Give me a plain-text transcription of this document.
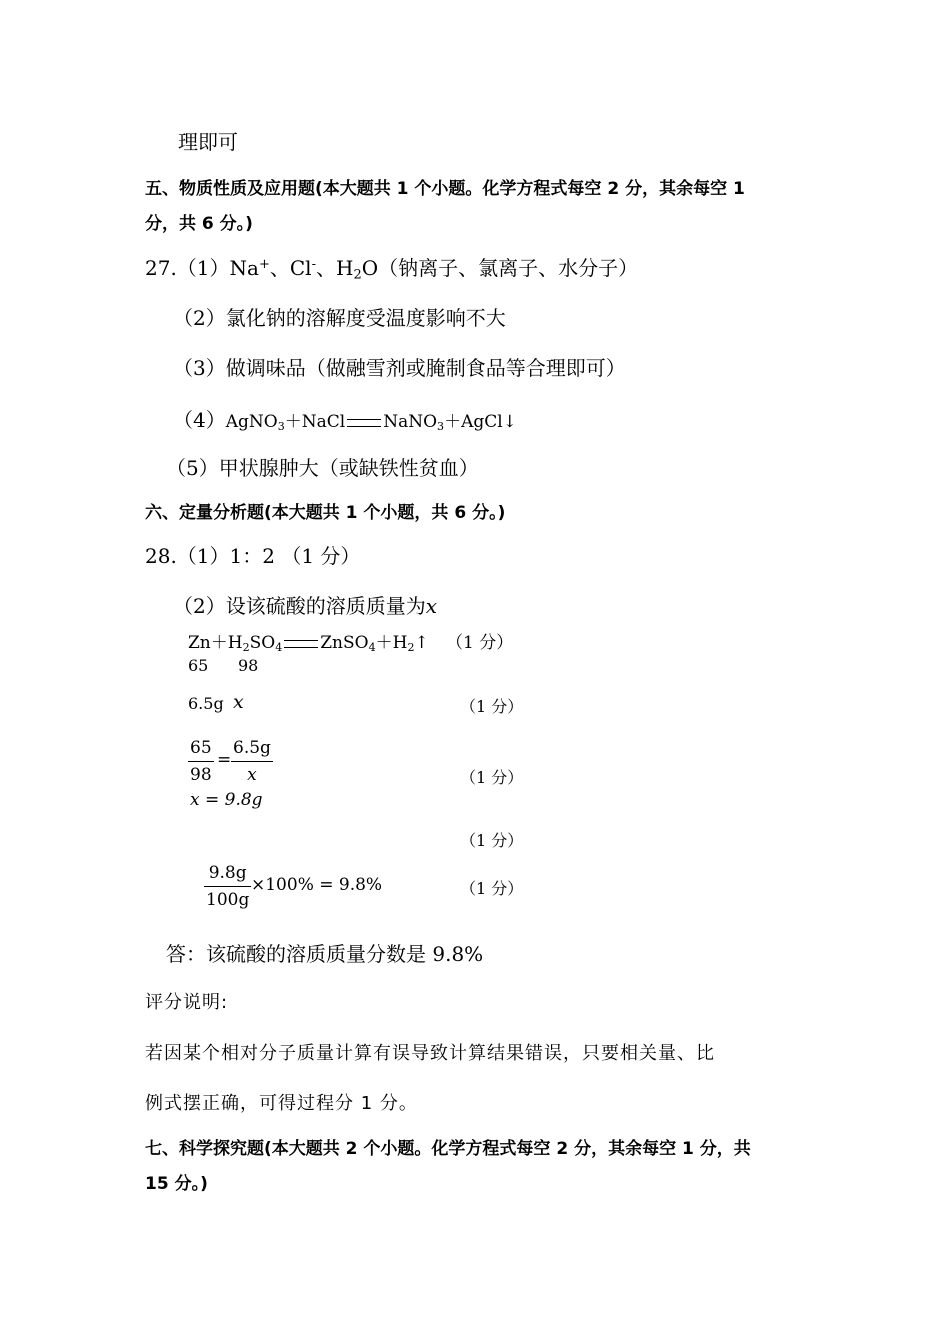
理即可
五、物质性质及应用题(本大题共 1 个小题。化学方程式每空 2 分，其余每空 1
分，共 6 分。)
27.（1）Na+、Cl-、$H_2O$（钠离子、氯离子、水分子）
（2）氯化钠的溶解度受温度影响不大
（3）做调味品（做融雪剂或腌制食品等合理即可）
（4）AgNO$_3$＋NaCl NaNO$_3$＋AgCl↓
（5）甲状腺肿大（或缺铁性贫血）
六、定量分析题(本大题共 1 个小题，共 6 分。)
28.（1）1：2 （1 分）
（2）设该硫酸的溶质质量为x
$Zn+H_2SO_4$ $ZnSO_4+H_2↑$ （1 分）
65 98
6.5g x	（1 分）
$\frac{65}{98} = \frac{6.5g}{x}$	（1 分）
x = 9.8g
（1 分）
$\frac{9.8g}{100g} \times 100\% = 9.8\%$	（1 分）
答：该硫酸的溶质质量分数是 9.8%
评分说明:
若因某个相对分子质量计算有误导致计算结果错误，只要相关量、比
例式摆正确，可得过程分 1 分。
七、科学探究题(本大题共 2 个小题。化学方程式每空 2 分，其余每空 1 分，共
15 分。)
